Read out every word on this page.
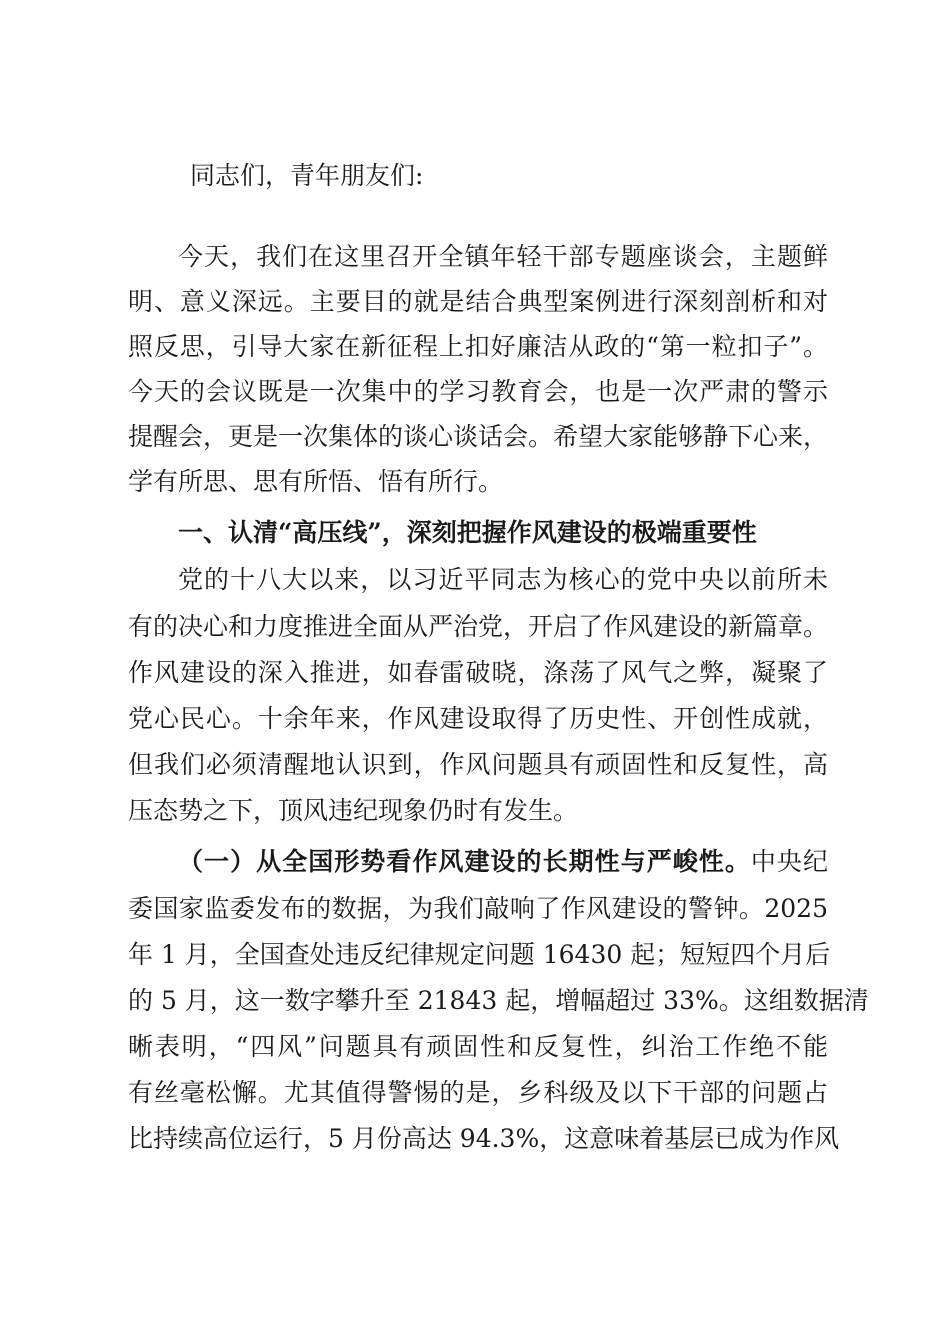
同志们，青年朋友们:
今天，我们在这里召开全镇年轻干部专题座谈会，主题鲜
明、意义深远。主要目的就是结合典型案例进行深刻剖析和对
照反思，引导大家在新征程上扣好廉洁从政的“第一粒扣子”。
今天的会议既是一次集中的学习教育会，也是一次严肃的警示
提醒会，更是一次集体的谈心谈话会。希望大家能够静下心来，
学有所思、思有所悟、悟有所行。
一、认清“高压线”，深刻把握作风建设的极端重要性
党的十八大以来，以习近平同志为核心的党中央以前所未
有的决心和力度推进全面从严治党，开启了作风建设的新篇章。
作风建设的深入推进，如春雷破晓，涤荡了风气之弊，凝聚了
党心民心。十余年来，作风建设取得了历史性、开创性成就，
但我们必须清醒地认识到，作风问题具有顽固性和反复性，高
压态势之下，顶风违纪现象仍时有发生。
（一）从全国形势看作风建设的长期性与严峻性。中央纪
委国家监委发布的数据，为我们敲响了作风建设的警钟。2025
年 1 月，全国查处违反纪律规定问题 16430 起；短短四个月后
的 5 月，这一数字攀升至 21843 起，增幅超过 33%。这组数据清
晰表明，“四风”问题具有顽固性和反复性，纠治工作绝不能
有丝毫松懈。尤其值得警惕的是，乡科级及以下干部的问题占
比持续高位运行，5 月份高达 94.3%，这意味着基层已成为作风
